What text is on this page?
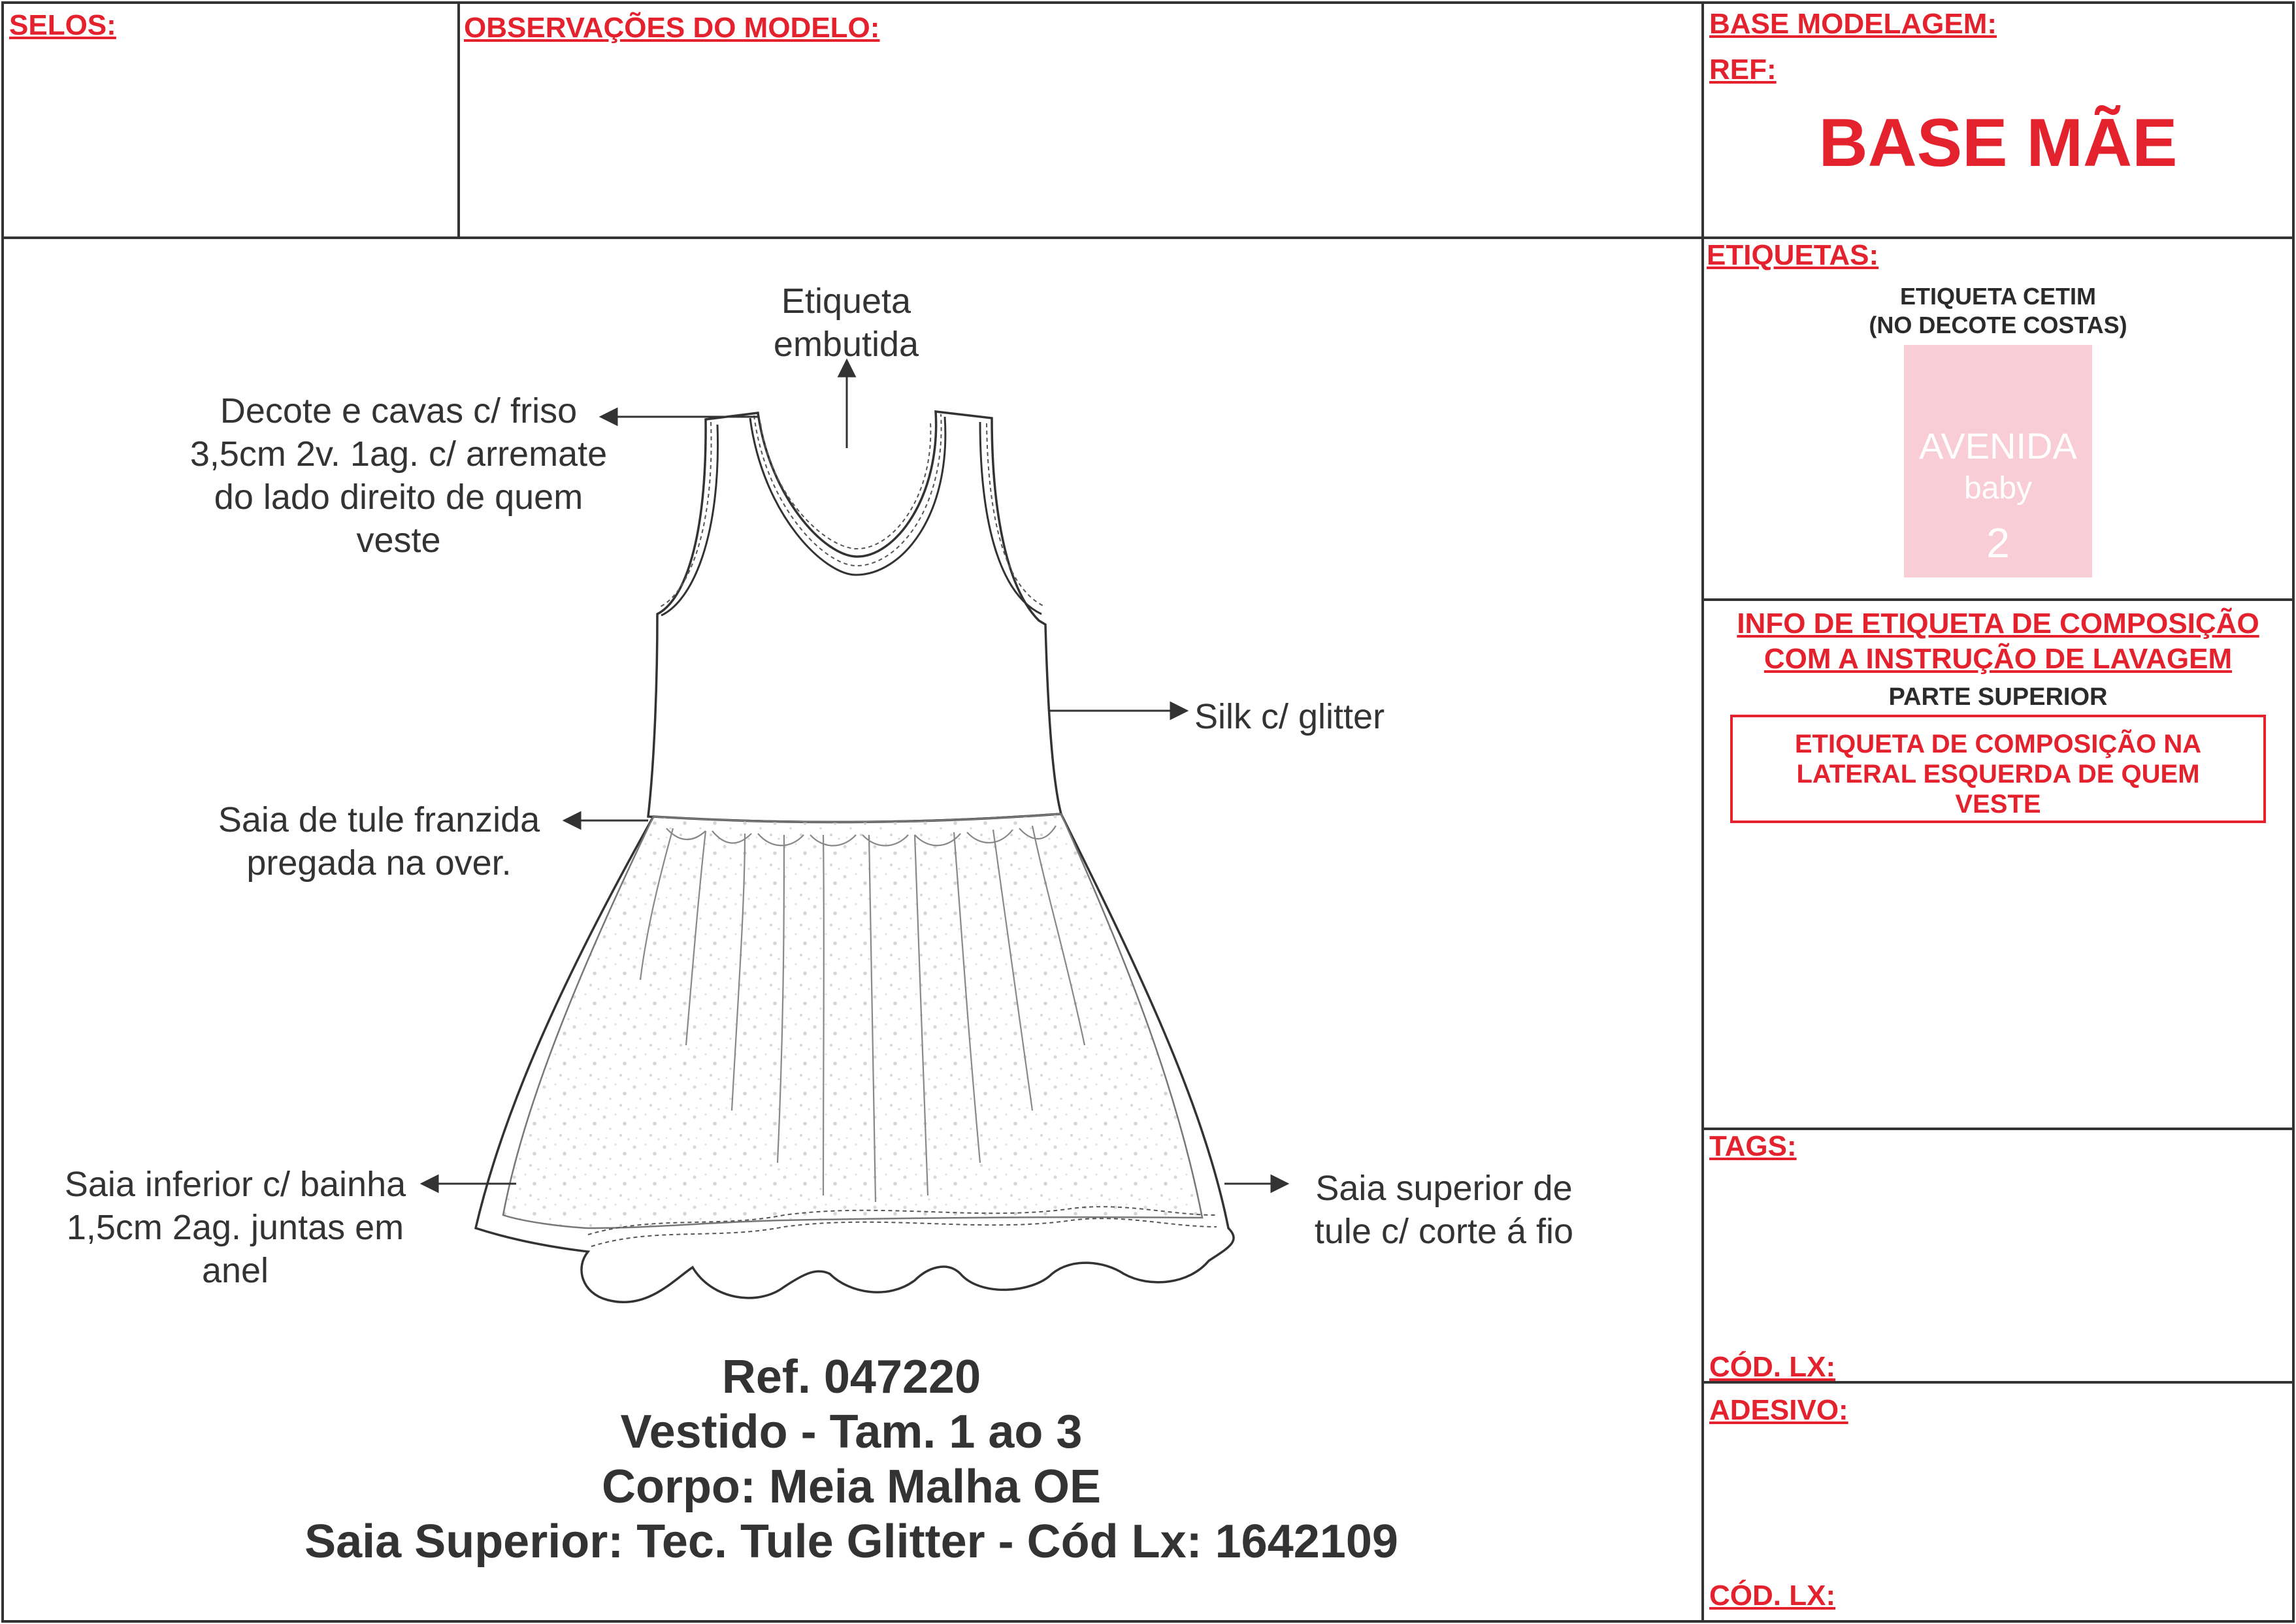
SELOS:	OBSERVAÇÕES DO MODELO:	BASE MODELAGEM:
REF:
BASE MÃE
ETIQUETAS:
ETIQUETA CETIM
(NO DECOTE COSTAS)
AVENIDA
baby
2
INFO DE ETIQUETA DE COMPOSIÇÃO
COM A INSTRUÇÃO DE LAVAGEM
PARTE SUPERIOR
ETIQUETA DE COMPOSIÇÃO NA
LATERAL ESQUERDA DE QUEM
VESTE
TAGS:
CÓD. LX:
ADESIVO:
CÓD. LX:
Etiqueta
embutida
Decote e cavas c/ friso
3,5cm 2v. 1ag. c/ arremate
do lado direito de quem
veste
Silk c/ glitter
Saia de tule franzida
pregada na over.
Saia inferior c/ bainha
1,5cm 2ag. juntas em
anel
Saia superior de
tule c/ corte á fio
Ref. 047220
Vestido - Tam. 1 ao 3
Corpo: Meia Malha OE
Saia Superior: Tec. Tule Glitter - Cód Lx: 1642109
